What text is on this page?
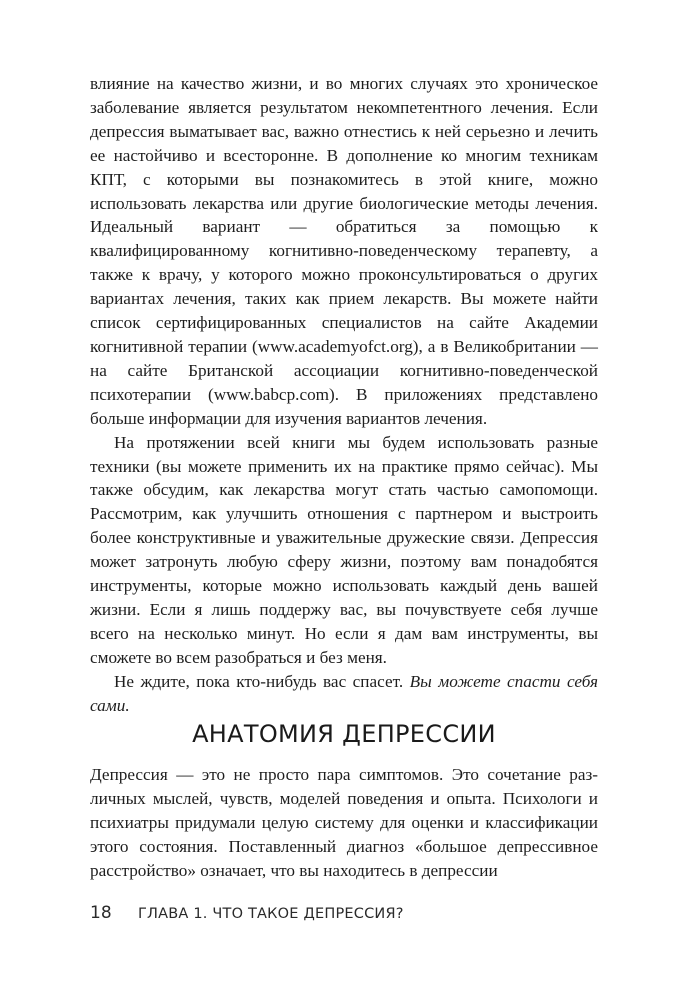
влияние на качество жизни, и во многих случаях это хроническое заболевание является результатом некомпетентного лечения. Если депрессия выматывает вас, важно отнестись к ней серьезно и лечить ее настойчиво и всесторонне. В дополнение ко многим техникам КПТ, с которыми вы познакомитесь в этой книге, можно использовать лекарства или другие биологические методы лечения. Идеальный вариант — обратиться за помощью к квалифицированному когнитивно-поведенческому терапевту, а также к врачу, у которого можно проконсультироваться о других вариантах лечения, таких как прием лекарств. Вы можете найти список сертифицированных специалистов на сайте Академии когнитивной терапии (www.academyofct.​org), а в Великобритании — на сайте Британской ассоциации когнитивно-поведенческой психотерапии (www.babcp.com). В приложениях представлено больше информации для изучения вариантов лечения.

На протяжении всей книги мы будем использовать разные техники (вы можете применить их на практике прямо сейчас). Мы также обсудим, как лекарства могут стать частью самопомощи. Рассмотрим, как улучшить отношения с партнером и выстроить более конструктивные и уважительные дружеские связи. Депрессия может затронуть любую сферу жизни, поэтому вам понадобятся инструменты, которые можно использовать каждый день вашей жизни. Если я лишь поддержу вас, вы почувствуете себя лучше всего на несколько минут. Но если я дам вам инструменты, вы сможете во всем разобраться и без меня.

Не ждите, пока кто-нибудь вас спасет. Вы можете спасти себя сами.

АНАТОМИЯ ДЕПРЕССИИ

Депрессия — это не просто пара симптомов. Это сочетание различных мыслей, чувств, моделей поведения и опыта. Психологи и психиатры придумали целую систему для оценки и классификации этого состояния. Поставленный диагноз «большое депрессивное расстройство» означает, что вы находитесь в депрессии

18 ГЛАВА 1. ЧТО ТАКОЕ ДЕПРЕССИЯ?
